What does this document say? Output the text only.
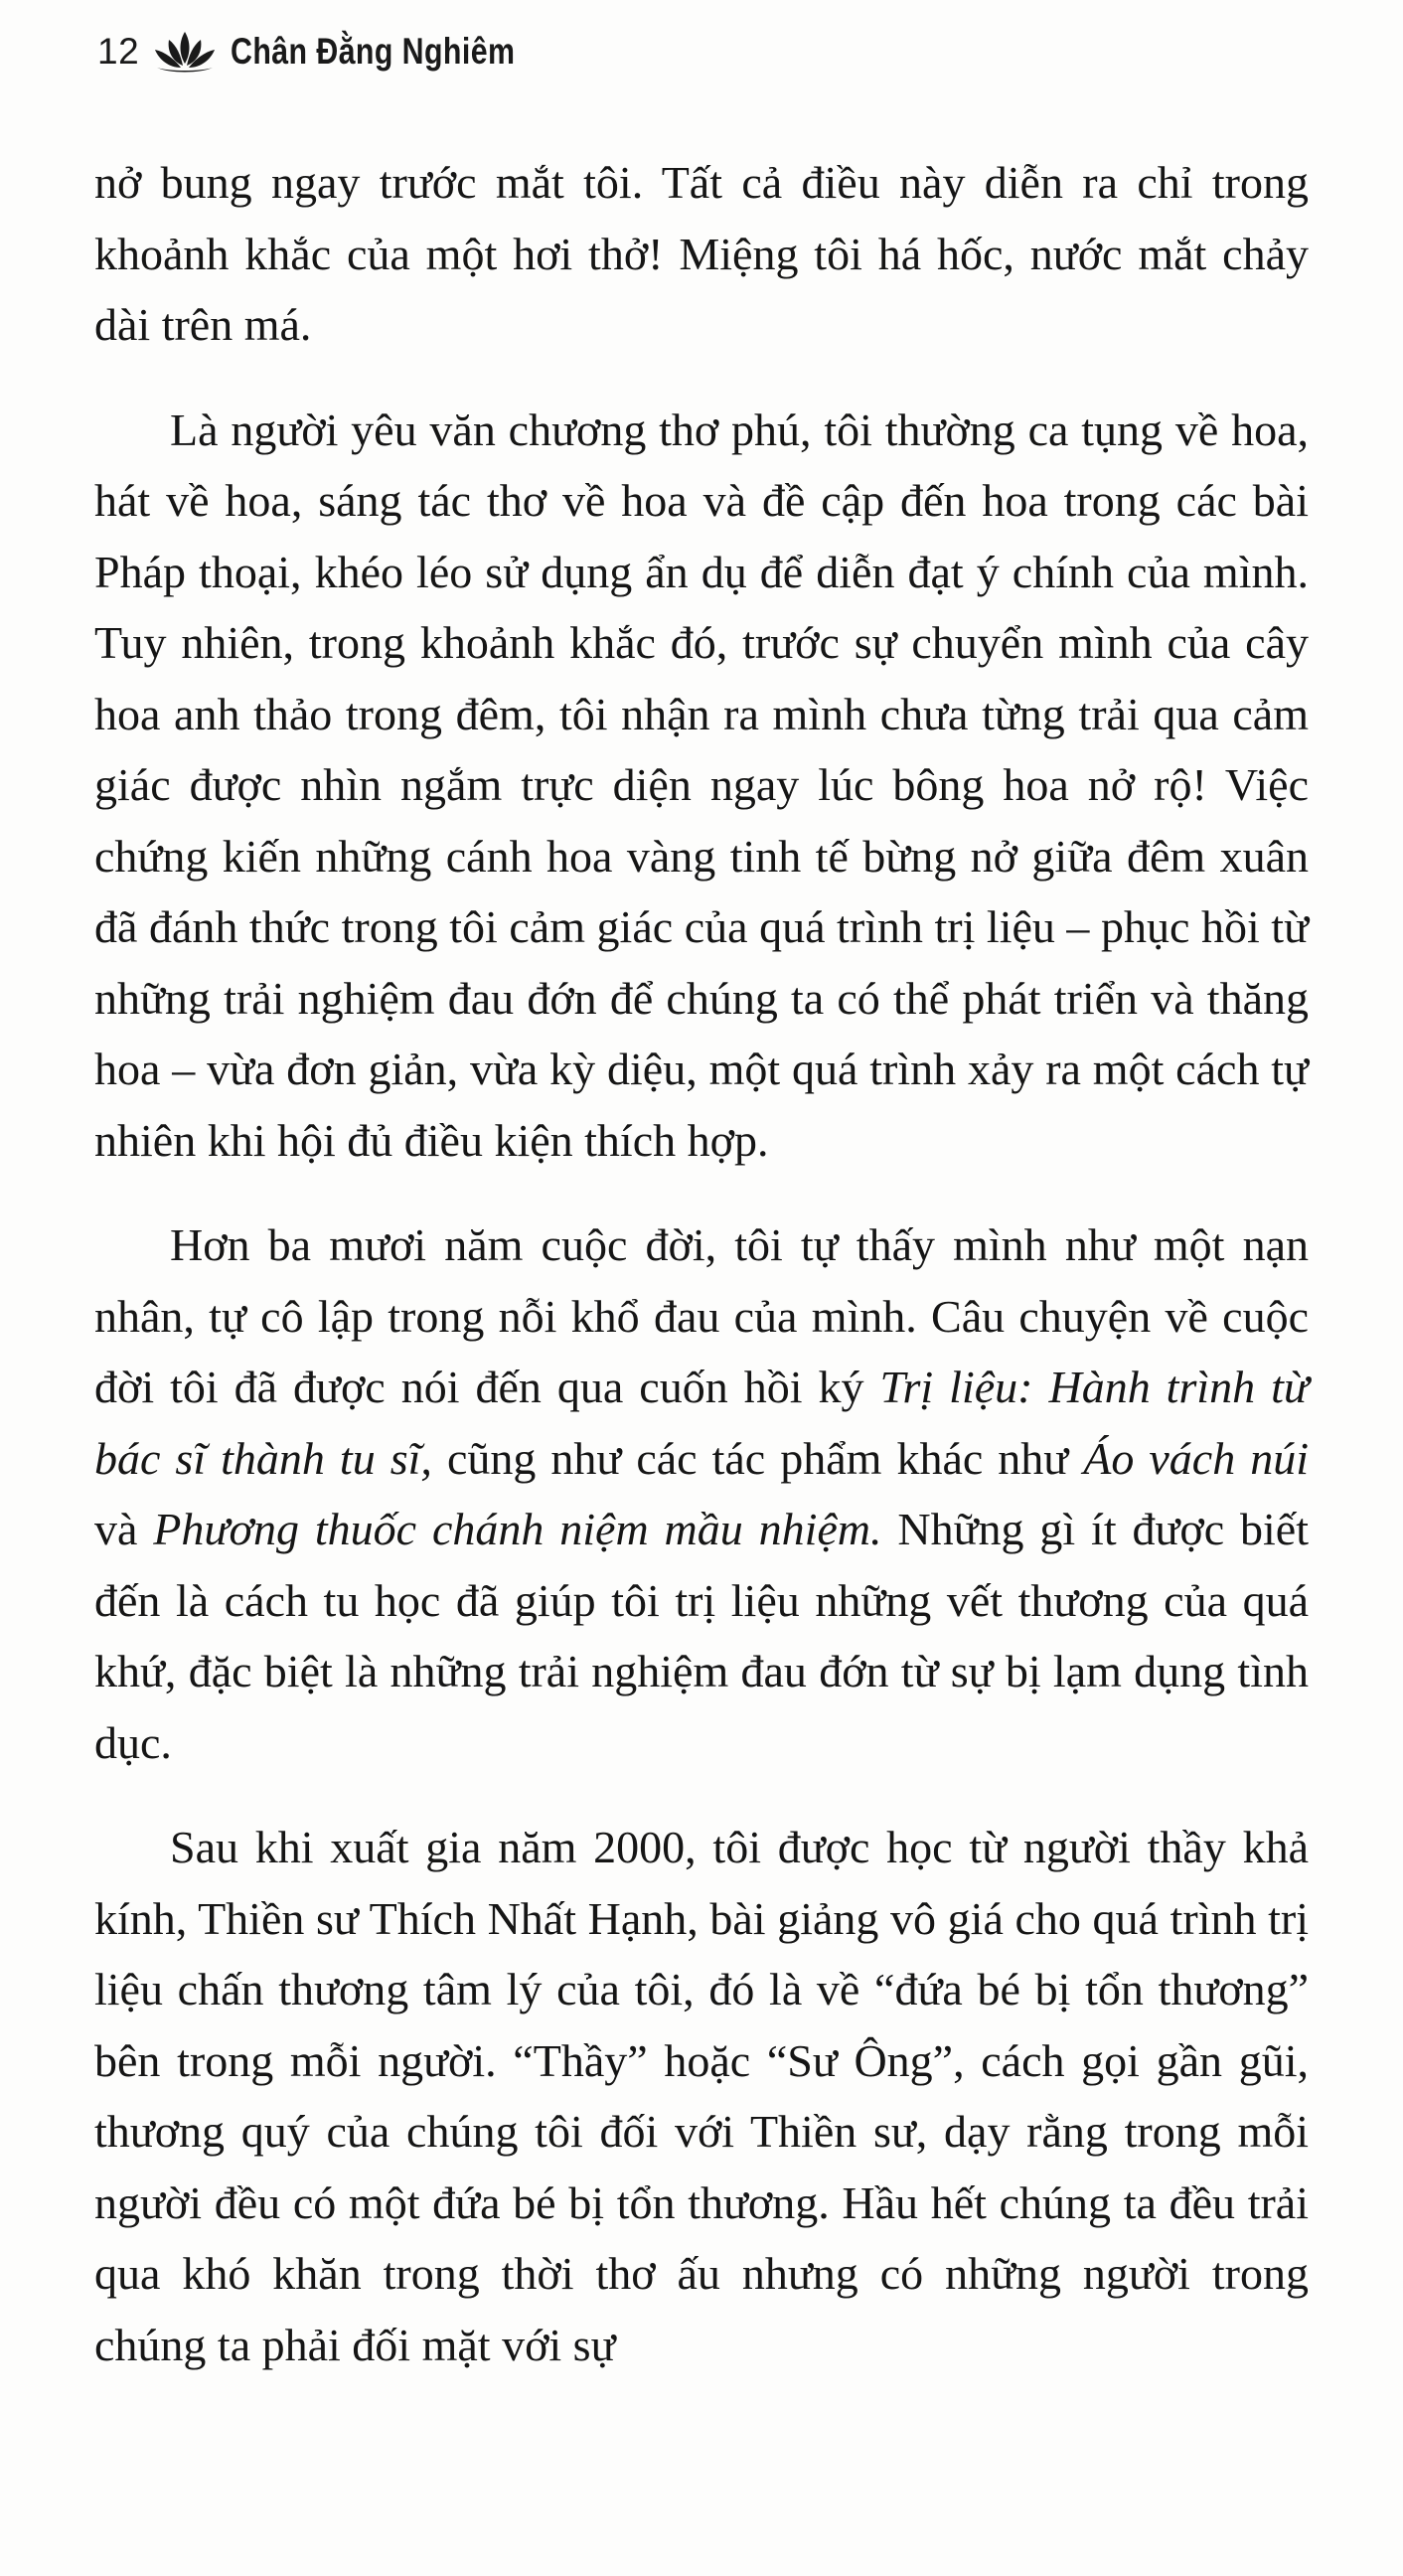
12 Chân Đằng Nghiêm

nở bung ngay trước mắt tôi. Tất cả điều này diễn ra chỉ trong khoảnh khắc của một hơi thở! Miệng tôi há hốc, nước mắt chảy dài trên má.

Là người yêu văn chương thơ phú, tôi thường ca tụng về hoa, hát về hoa, sáng tác thơ về hoa và đề cập đến hoa trong các bài Pháp thoại, khéo léo sử dụng ẩn dụ để diễn đạt ý chính của mình. Tuy nhiên, trong khoảnh khắc đó, trước sự chuyển mình của cây hoa anh thảo trong đêm, tôi nhận ra mình chưa từng trải qua cảm giác được nhìn ngắm trực diện ngay lúc bông hoa nở rộ! Việc chứng kiến những cánh hoa vàng tinh tế bừng nở giữa đêm xuân đã đánh thức trong tôi cảm giác của quá trình trị liệu – phục hồi từ những trải nghiệm đau đớn để chúng ta có thể phát triển và thăng hoa – vừa đơn giản, vừa kỳ diệu, một quá trình xảy ra một cách tự nhiên khi hội đủ điều kiện thích hợp.

Hơn ba mươi năm cuộc đời, tôi tự thấy mình như một nạn nhân, tự cô lập trong nỗi khổ đau của mình. Câu chuyện về cuộc đời tôi đã được nói đến qua cuốn hồi ký Trị liệu: Hành trình từ bác sĩ thành tu sĩ, cũng như các tác phẩm khác như Áo vách núi và Phương thuốc chánh niệm mầu nhiệm. Những gì ít được biết đến là cách tu học đã giúp tôi trị liệu những vết thương của quá khứ, đặc biệt là những trải nghiệm đau đớn từ sự bị lạm dụng tình dục.

Sau khi xuất gia năm 2000, tôi được học từ người thầy khả kính, Thiền sư Thích Nhất Hạnh, bài giảng vô giá cho quá trình trị liệu chấn thương tâm lý của tôi, đó là về “đứa bé bị tổn thương” bên trong mỗi người. “Thầy” hoặc “Sư Ông”, cách gọi gần gũi, thương quý của chúng tôi đối với Thiền sư, dạy rằng trong mỗi người đều có một đứa bé bị tổn thương. Hầu hết chúng ta đều trải qua khó khăn trong thời thơ ấu nhưng có những người trong chúng ta phải đối mặt với sự
